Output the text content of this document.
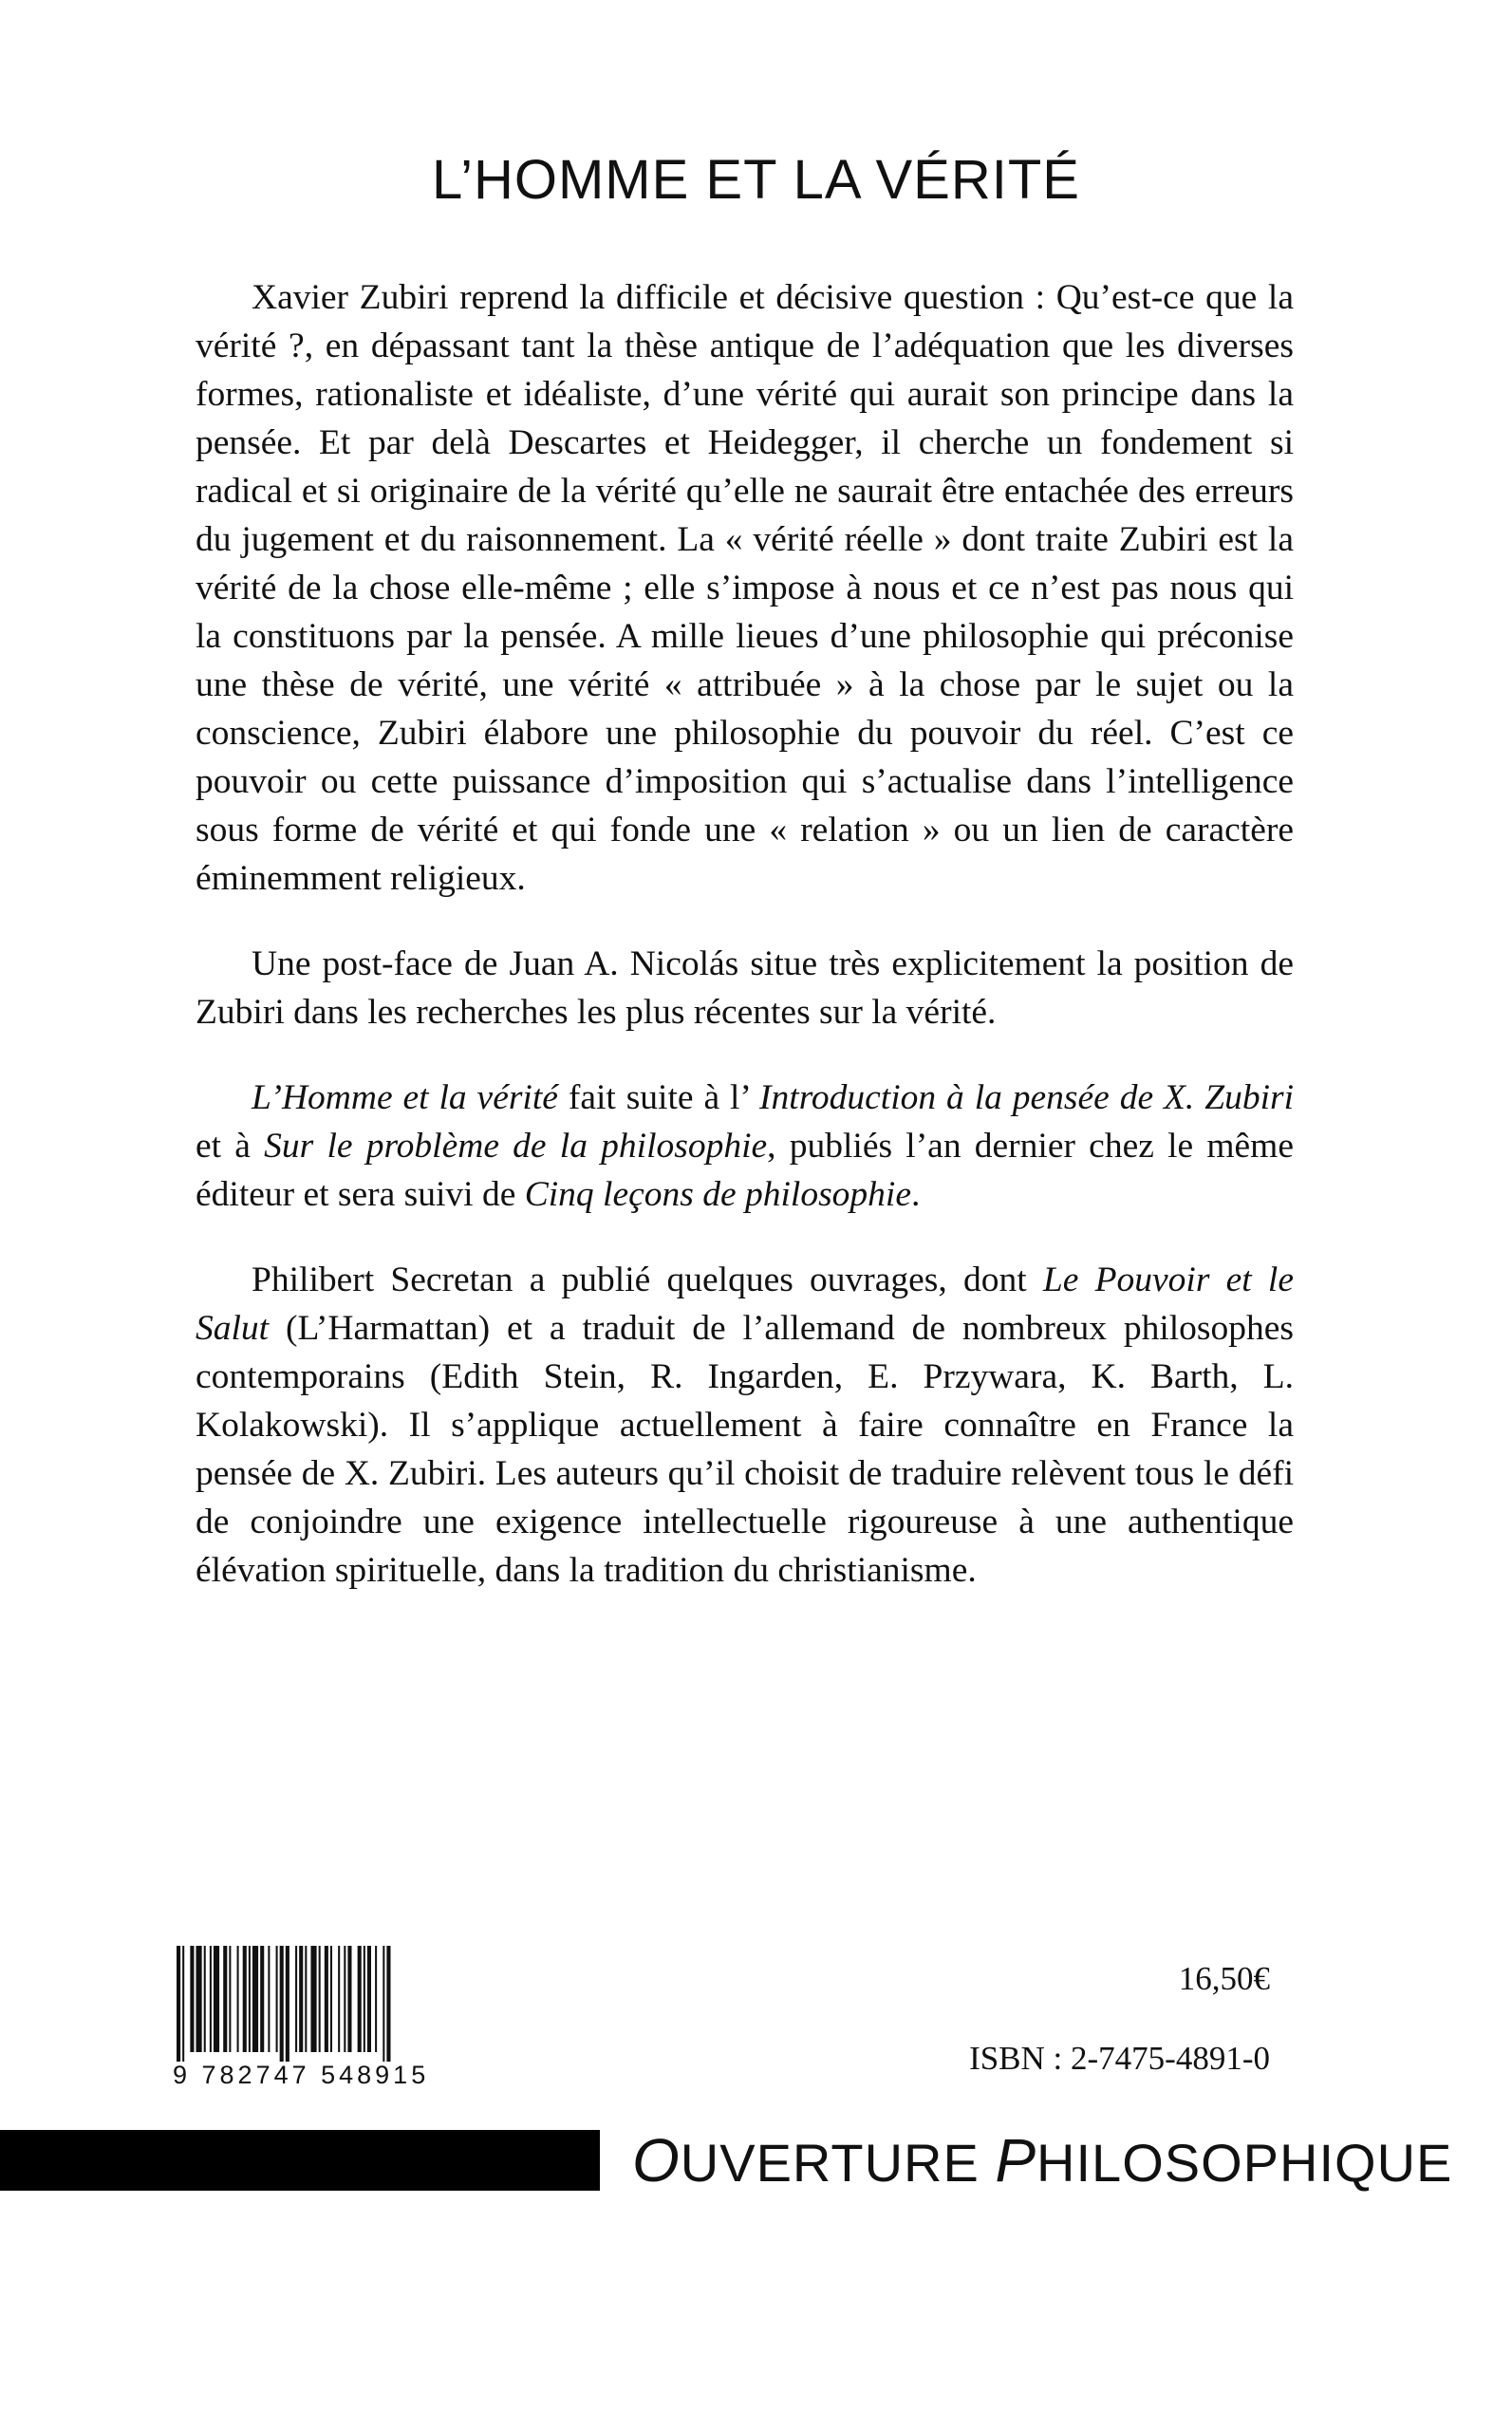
L’HOMME ET LA VÉRITÉ

Xavier Zubiri reprend la difficile et décisive question : Qu’est-ce que la vérité ?, en dépassant tant la thèse antique de l’adéquation que les diverses formes, rationaliste et idéaliste, d’une vérité qui aurait son principe dans la pensée. Et par delà Descartes et Heidegger, il cherche un fondement si radical et si originaire de la vérité qu’elle ne saurait être entachée des erreurs du jugement et du raisonnement. La « vérité réelle » dont traite Zubiri est la vérité de la chose elle-même ; elle s’impose à nous et ce n’est pas nous qui la constituons par la pensée. A mille lieues d’une philosophie qui préconise une thèse de vérité, une vérité « attribuée » à la chose par le sujet ou la conscience, Zubiri élabore une philosophie du pouvoir du réel. C’est ce pouvoir ou cette puissance d’imposition qui s’actualise dans l’intelligence sous forme de vérité et qui fonde une « relation » ou un lien de caractère éminemment religieux.

Une post-face de Juan A. Nicolás situe très explicitement la position de Zubiri dans les recherches les plus récentes sur la vérité.

L’Homme et la vérité fait suite à l’ Introduction à la pensée de X. Zubiri et à Sur le problème de la philosophie, publiés l’an dernier chez le même éditeur et sera suivi de Cinq leçons de philosophie.

Philibert Secretan a publié quelques ouvrages, dont Le Pouvoir et le Salut (L’Harmattan) et a traduit de l’allemand de nombreux philosophes contemporains (Edith Stein, R. Ingarden, E. Przywara, K. Barth, L. Kolakowski). Il s’applique actuellement à faire connaître en France la pensée de X. Zubiri. Les auteurs qu’il choisit de traduire relèvent tous le défi de conjoindre une exigence intellectuelle rigoureuse à une authentique élévation spirituelle, dans la tradition du christianisme.

9 782747 548915
16,50€
ISBN : 2-7475-4891-0
OUVERTURE PHILOSOPHIQUE
